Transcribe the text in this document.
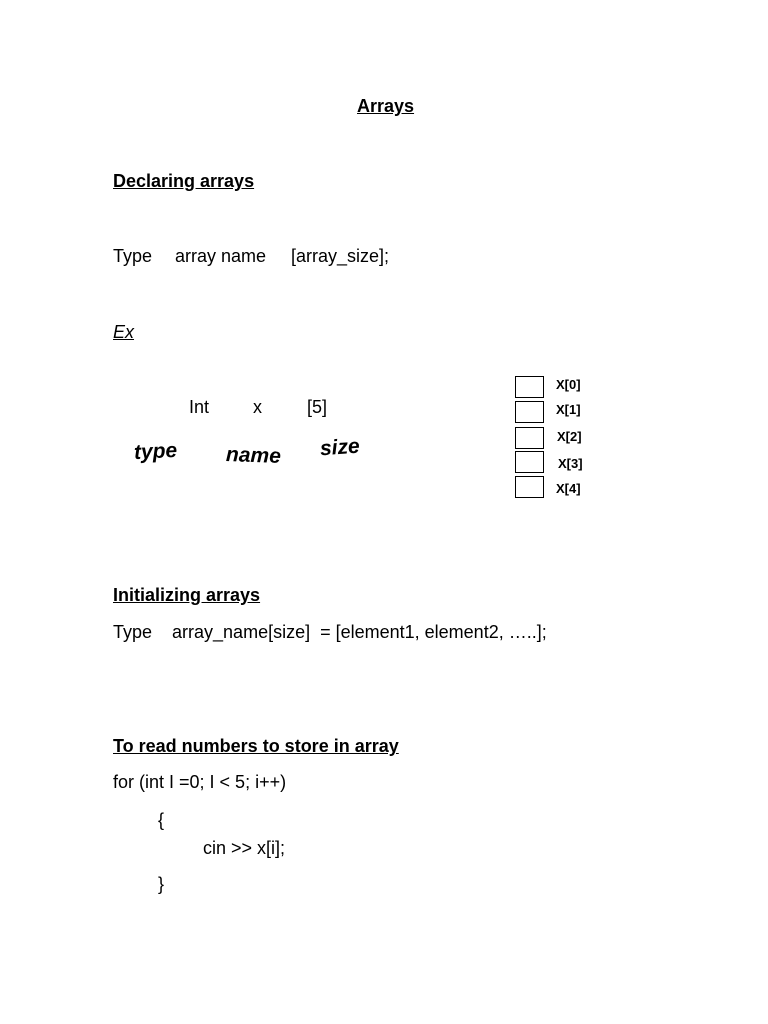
Arrays
Declaring arrays
Type array name [array_size];
Ex
Int x	[5]
type name size
X[0]
X[1]
X[2]
X[3]
X[4]
Initializing arrays
Type    array_name[size]  = [element1, element2, …..];
To read numbers to store in array
for (int I =0; I < 5; i++)
{
cin >> x[i];
}
